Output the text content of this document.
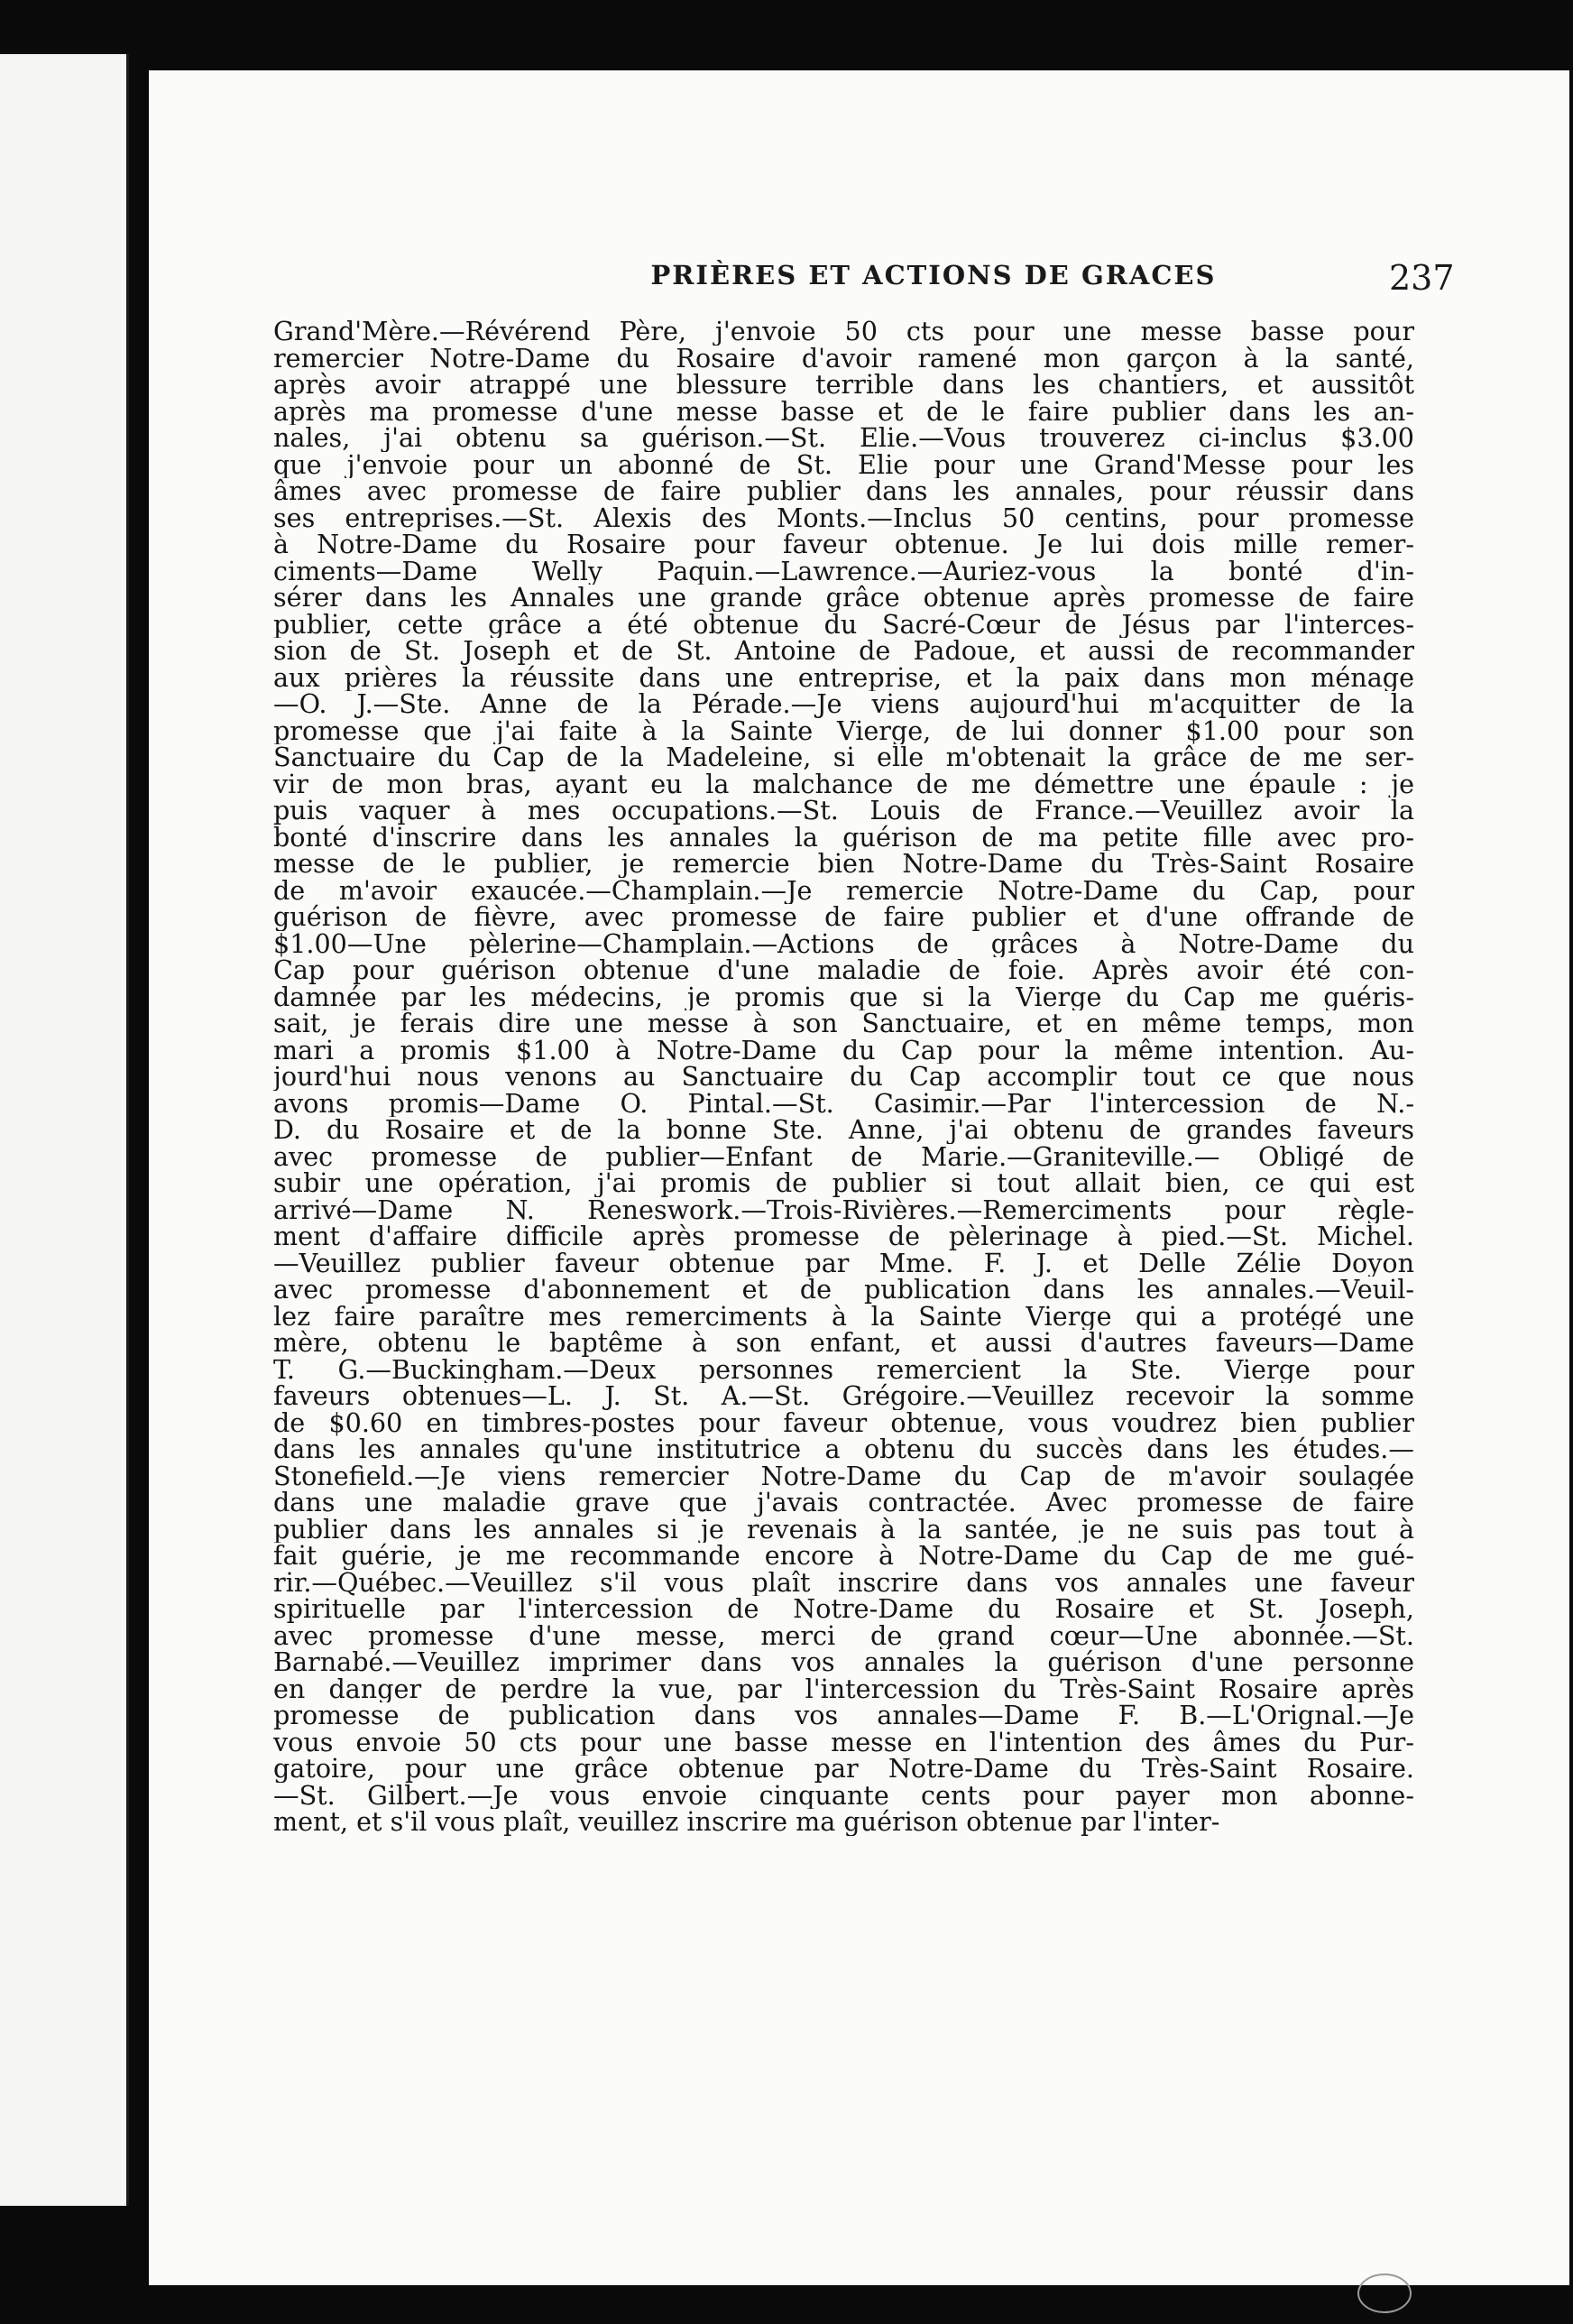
PRIÈRES ET ACTIONS DE GRACES	237
Grand'Mère.—Révérend Père, j'envoie 50 cts pour une messe basse pour
remercier Notre-Dame du Rosaire d'avoir ramené mon garçon à la santé,
après avoir atrappé une blessure terrible dans les chantiers, et aussitôt
après ma promesse d'une messe basse et de le faire publier dans les an-
nales, j'ai obtenu sa guérison.—St. Elie.—Vous trouverez ci-inclus $3.00
que j'envoie pour un abonné de St. Elie pour une Grand'Messe pour les
âmes avec promesse de faire publier dans les annales, pour réussir dans
ses entreprises.—St. Alexis des Monts.—Inclus 50 centins, pour promesse
à Notre-Dame du Rosaire pour faveur obtenue. Je lui dois mille remer-
ciments—Dame Welly Paquin.—Lawrence.—Auriez-vous la bonté d'in-
sérer dans les Annales une grande grâce obtenue après promesse de faire
publier, cette grâce a été obtenue du Sacré-Cœur de Jésus par l'interces-
sion de St. Joseph et de St. Antoine de Padoue, et aussi de recommander
aux prières la réussite dans une entreprise, et la paix dans mon ménage
—O. J.—Ste. Anne de la Pérade.—Je viens aujourd'hui m'acquitter de la
promesse que j'ai faite à la Sainte Vierge, de lui donner $1.00 pour son
Sanctuaire du Cap de la Madeleine, si elle m'obtenait la grâce de me ser-
vir de mon bras, ayant eu la malchance de me démettre une épaule : je
puis vaquer à mes occupations.—St. Louis de France.—Veuillez avoir la
bonté d'inscrire dans les annales la guérison de ma petite fille avec pro-
messe de le publier, je remercie bien Notre-Dame du Très-Saint Rosaire
de m'avoir exaucée.—Champlain.—Je remercie Notre-Dame du Cap, pour
guérison de fièvre, avec promesse de faire publier et d'une offrande de
$1.00—Une pèlerine—Champlain.—Actions de grâces à Notre-Dame du
Cap pour guérison obtenue d'une maladie de foie. Après avoir été con-
damnée par les médecins, je promis que si la Vierge du Cap me guéris-
sait, je ferais dire une messe à son Sanctuaire, et en même temps, mon
mari a promis $1.00 à Notre-Dame du Cap pour la même intention. Au-
jourd'hui nous venons au Sanctuaire du Cap accomplir tout ce que nous
avons promis—Dame O. Pintal.—St. Casimir.—Par l'intercession de N.-
D. du Rosaire et de la bonne Ste. Anne, j'ai obtenu de grandes faveurs
avec promesse de publier—Enfant de Marie.—Graniteville.— Obligé de
subir une opération, j'ai promis de publier si tout allait bien, ce qui est
arrivé—Dame N. Reneswork.—Trois-Rivières.—Remerciments pour règle-
ment d'affaire difficile après promesse de pèlerinage à pied.—St. Michel.
—Veuillez publier faveur obtenue par Mme. F. J. et Delle Zélie Doyon
avec promesse d'abonnement et de publication dans les annales.—Veuil-
lez faire paraître mes remerciments à la Sainte Vierge qui a protégé une
mère, obtenu le baptême à son enfant, et aussi d'autres faveurs—Dame
T. G.—Buckingham.—Deux personnes remercient la Ste. Vierge pour
faveurs obtenues—L. J. St. A.—St. Grégoire.—Veuillez recevoir la somme
de $0.60 en timbres-postes pour faveur obtenue, vous voudrez bien publier
dans les annales qu'une institutrice a obtenu du succès dans les études.—
Stonefield.—Je viens remercier Notre-Dame du Cap de m'avoir soulagée
dans une maladie grave que j'avais contractée. Avec promesse de faire
publier dans les annales si je revenais à la santée, je ne suis pas tout à
fait guérie, je me recommande encore à Notre-Dame du Cap de me gué-
rir.—Québec.—Veuillez s'il vous plaît inscrire dans vos annales une faveur
spirituelle par l'intercession de Notre-Dame du Rosaire et St. Joseph,
avec promesse d'une messe, merci de grand cœur—Une abonnée.—St.
Barnabé.—Veuillez imprimer dans vos annales la guérison d'une personne
en danger de perdre la vue, par l'intercession du Très-Saint Rosaire après
promesse de publication dans vos annales—Dame F. B.—L'Orignal.—Je
vous envoie 50 cts pour une basse messe en l'intention des âmes du Pur-
gatoire, pour une grâce obtenue par Notre-Dame du Très-Saint Rosaire.
—St. Gilbert.—Je vous envoie cinquante cents pour payer mon abonne-
ment, et s'il vous plaît, veuillez inscrire ma guérison obtenue par l'inter-
